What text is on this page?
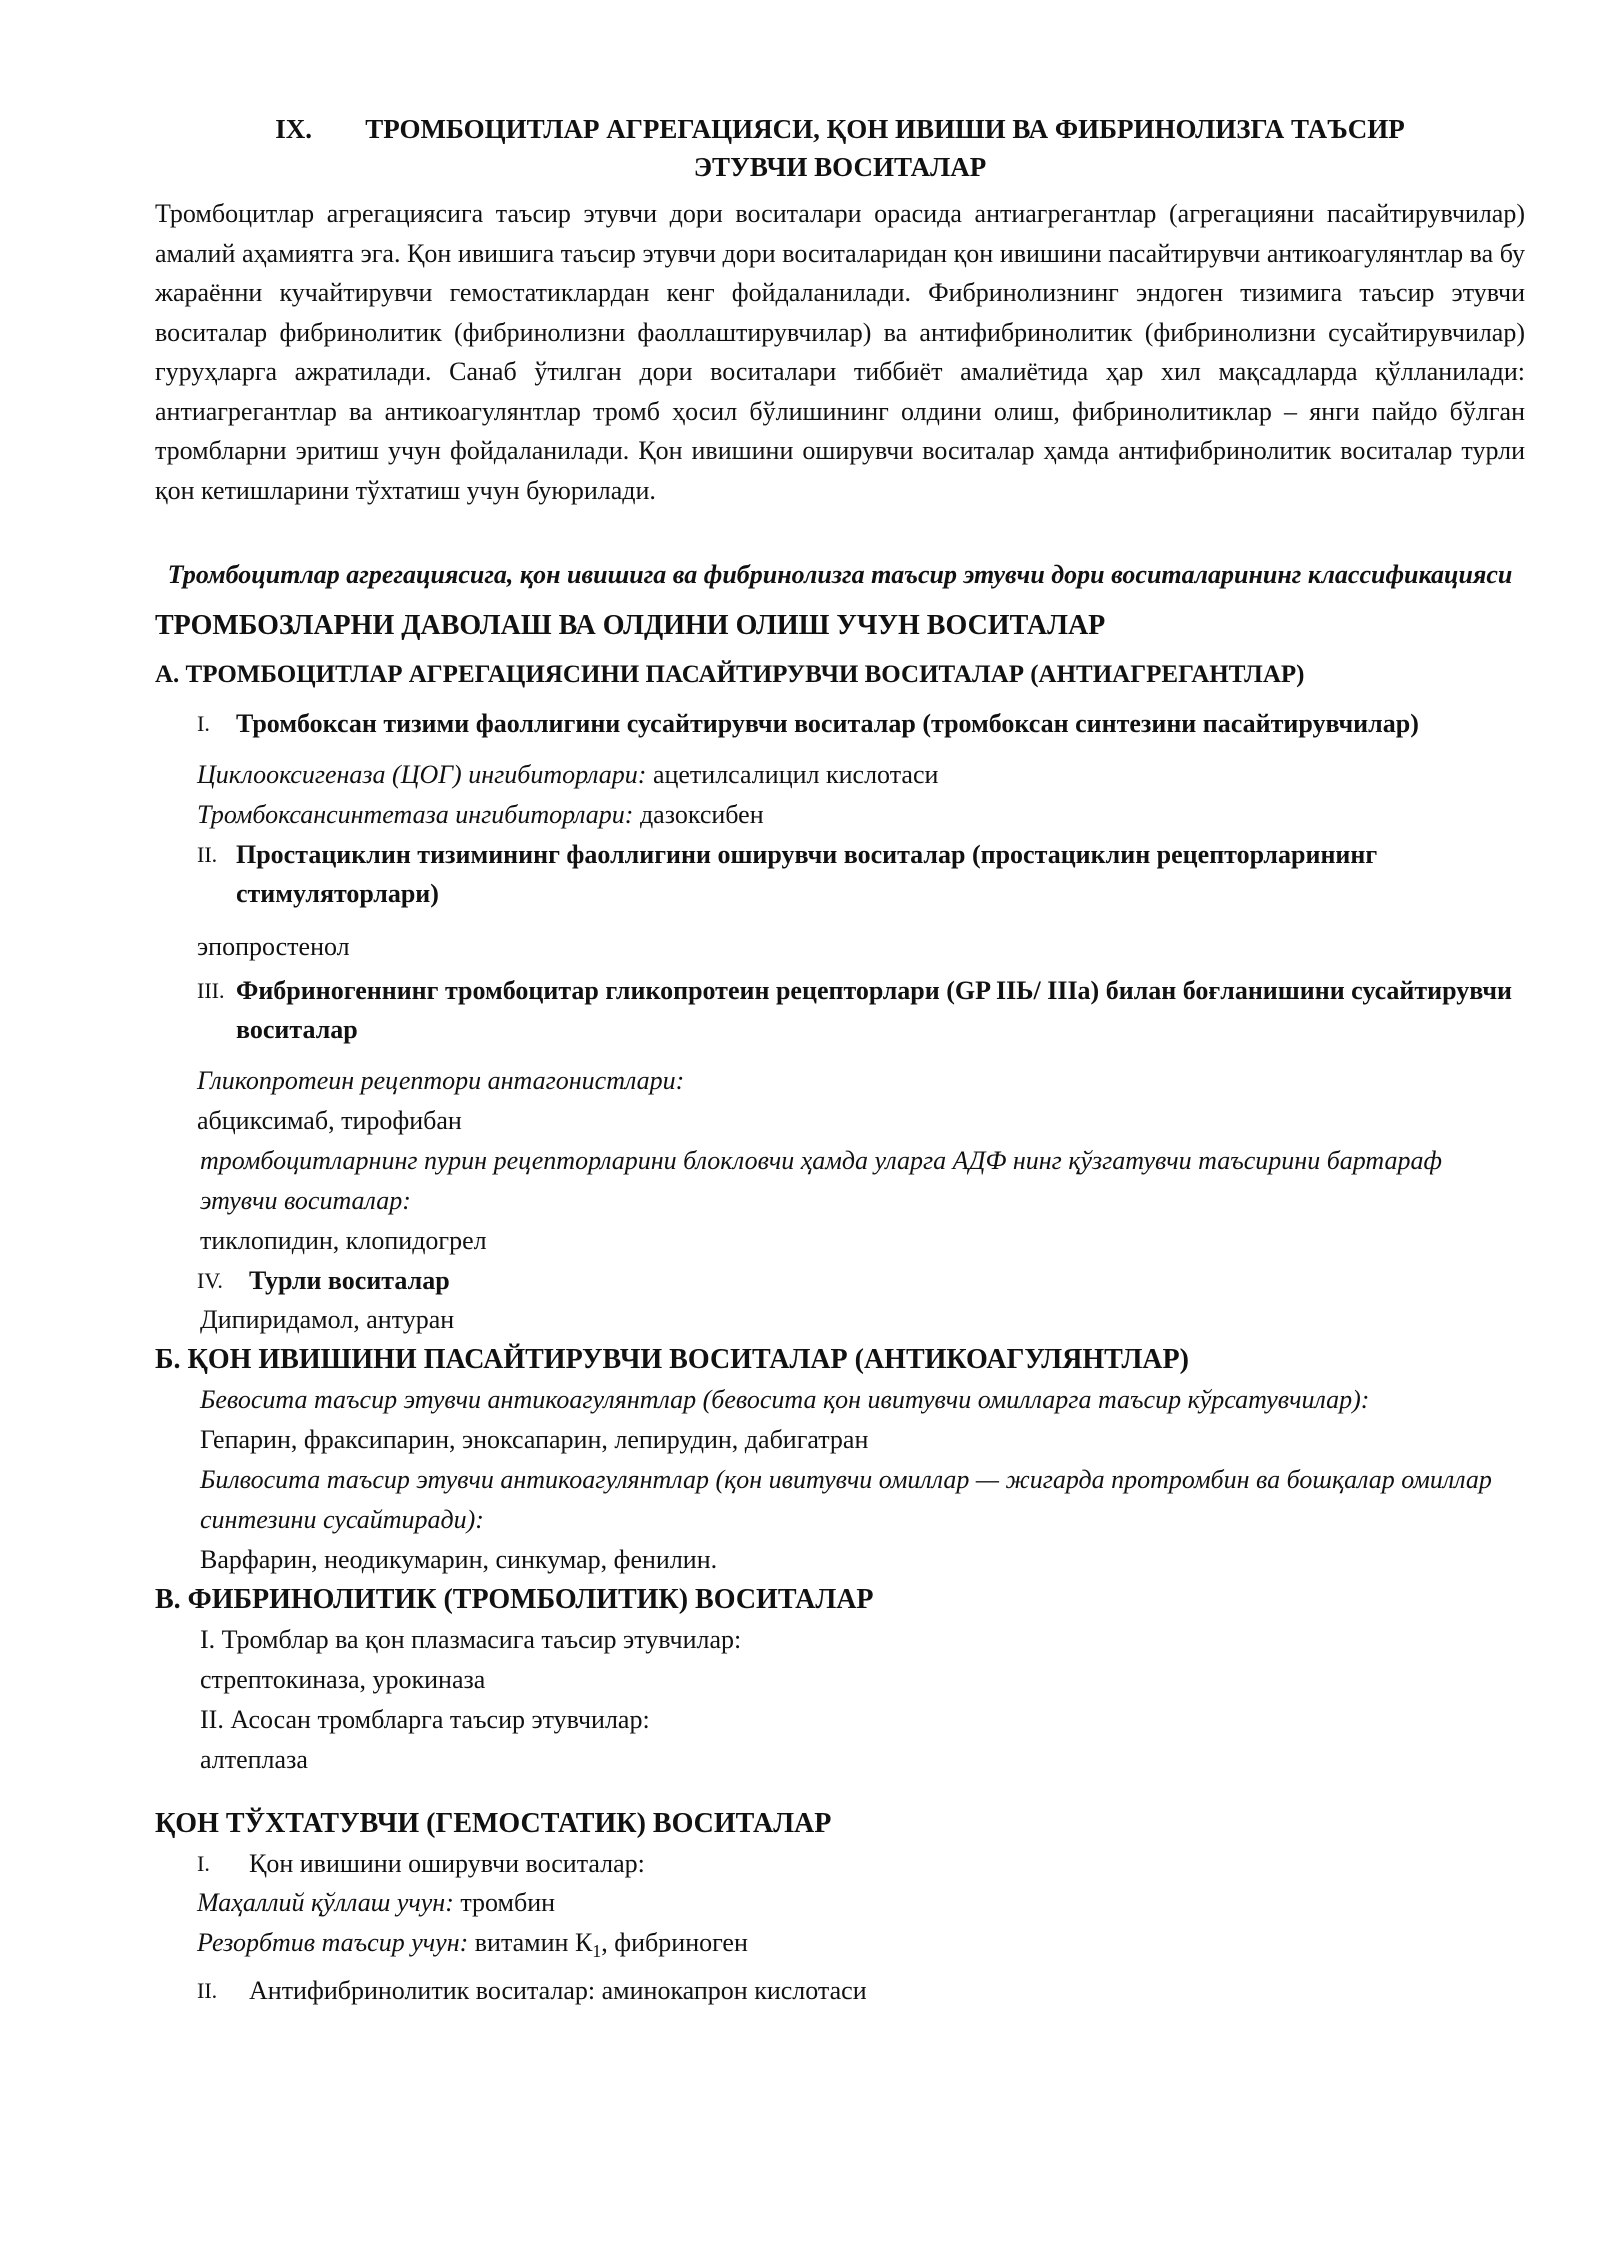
IX. ТРОМБОЦИТЛАР АГРЕГАЦИЯСИ, ҚОН ИВИШИ ВА ФИБРИНОЛИЗГА ТАЪСИР
ЭТУВЧИ ВОСИТАЛАР

Тромбоцитлар агрегациясига таъсир этувчи дори воситалари орасида антиагрегантлар (агрегацияни пасайтирувчилар) амалий аҳамиятга эга. Қон ивишига таъсир этувчи дори воситаларидан қон ивишини пасайтирувчи антикоагулянтлар ва бу жараённи кучайтирувчи гемостатиклардан кенг фойдаланилади. Фибринолизнинг эндоген тизимига таъсир этувчи воситалар фибринолитик (фибринолизни фаоллаштирувчилар) ва антифибринолитик (фибринолизни сусайтирувчилар) гуруҳларга ажратилади. Санаб ўтилган дори воситалари тиббиёт амалиётида ҳар хил мақсадларда қўлланилади: антиагрегантлар ва антикоагулянтлар тромб ҳосил бўлишининг олдини олиш, фибринолитиклар – янги пайдо бўлган тромбларни эритиш учун фойдаланилади. Қон ивишини оширувчи воситалар ҳамда антифибринолитик воситалар турли қон кетишларини тўхтатиш учун буюрилади.

Тромбоцитлар агрегациясига, қон ивишига ва фибринолизга таъсир этувчи дори воситаларининг классификацияси
ТРОМБОЗЛАРНИ ДАВОЛАШ ВА ОЛДИНИ ОЛИШ УЧУН ВОСИТАЛАР
А. ТРОМБОЦИТЛАР АГРЕГАЦИЯСИНИ ПАСАЙТИРУВЧИ ВОСИТАЛАР (АНТИАГРЕГАНТЛАР)
I. Тромбоксан тизими фаоллигини сусайтирувчи воситалар (тромбоксан синтезини пасайтирувчилар)
Циклооксигеназа (ЦОГ) ингибиторлари: ацетилсалицил кислотаси
Тромбоксансинтетаза ингибиторлари: дазоксибен
II. Простациклин тизимининг фаоллигини оширувчи воситалар (простациклин рецепторларининг стимуляторлари)
эпопростенол
III. Фибриногеннинг тромбоцитар гликопротеин рецепторлари (GP IIЬ/ IIIa) билан боғланишини сусайтирувчи воситалар
Гликопротеин рецептори антагонистлари:
абциксимаб, тирофибан
тромбоцитларнинг пурин рецепторларини блокловчи ҳамда уларга АДФ нинг қўзгатувчи таъсирини бартараф этувчи воситалар:
тиклопидин, клопидогрел
IV. Турли воситалар
Дипиридамол, антуран
Б. ҚОН ИВИШИНИ ПАСАЙТИРУВЧИ ВОСИТАЛАР (АНТИКОАГУЛЯНТЛАР)
Бевосита таъсир этувчи антикоагулянтлар (бевосита қон ивитувчи омилларга таъсир кўрсатувчилар):
Гепарин, фраксипарин, эноксапарин, лепирудин, дабигатран
Билвосита таъсир этувчи антикоагулянтлар (қон ивитувчи омиллар — жигарда протромбин ва бошқалар омиллар синтезини сусайтиради):
Варфарин, неодикумарин, синкумар, фенилин.
В. ФИБРИНОЛИТИК (ТРОМБОЛИТИК) ВОСИТАЛАР
I. Тромблар ва қон плазмасига таъсир этувчилар:
стрептокиназа, урокиназа
II. Асосан тромбларга таъсир этувчилар:
алтеплаза
ҚОН ТЎХТАТУВЧИ (ГЕМОСТАТИК) ВОСИТАЛАР
I. Қон ивишини оширувчи воситалар:
Маҳаллий қўллаш учун: тромбин
Резорбтив таъсир учун: витамин $К_1$, фибриноген
II. Антифибринолитик воситалар: аминокапрон кислотаси
